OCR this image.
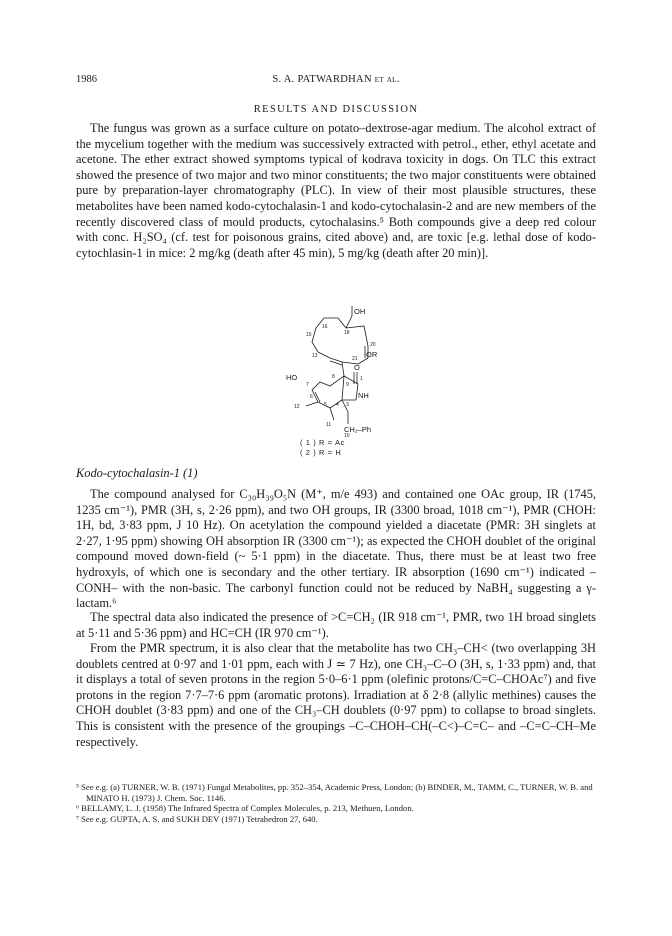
1986	S. A. PATWARDHAN et al.
RESULTS AND DISCUSSION

The fungus was grown as a surface culture on potato–dextrose-agar medium. The alcohol extract of the mycelium together with the medium was successively extracted with petrol., ether, ethyl acetate and acetone. The ether extract showed symptoms typical of kodrava toxicity in dogs. On TLC this extract showed the presence of two major and two minor constituents; the two major constituents were obtained pure by preparation-layer chromatography (PLC). In view of their most plausible structures, these metabolites have been named kodo-cytochalasin-1 and kodo-cytochalasin-2 and are new members of the recently discovered class of mould products, cytochalasins.⁵ Both compounds give a deep red colour with conc. H₂SO₄ (cf. test for poisonous grains, cited above) and, are toxic [e.g. lethal dose of kodo-cytochlasin-1 in mice: 2 mg/kg (death after 45 min), 5 mg/kg (death after 20 min)].

OH
15
16
18
20
13	21 OR
O
1
HO
7
8
9
NH
6
12	5 4 3
11 CH₂–Ph
10
( 1 ) R = Ac
( 2 ) R = H
Kodo-cytochalasin-1 (1)

The compound analysed for C₃₀H₃₉O₅N (M⁺, m/e 493) and contained one OAc group, IR (1745, 1235 cm⁻¹), PMR (3H, s, 2·26 ppm), and two OH groups, IR (3300 broad, 1018 cm⁻¹), PMR (CHOH: 1H, bd, 3·83 ppm, J 10 Hz). On acetylation the compound yielded a diacetate (PMR: 3H singlets at 2·27, 1·95 ppm) showing OH absorption IR (3300 cm⁻¹); as expected the CHOH doublet of the original compound moved down-field (~ 5·1 ppm) in the diacetate. Thus, there must be at least two free hydroxyls, of which one is secondary and the other tertiary. IR absorption (1690 cm⁻¹) indicated –CONH– with the non-basic. The carbonyl function could not be reduced by NaBH₄ suggesting a γ-lactam.⁶

The spectral data also indicated the presence of >C=CH₂ (IR 918 cm⁻¹, PMR, two 1H broad singlets at 5·11 and 5·36 ppm) and HC=CH (IR 970 cm⁻¹).

From the PMR spectrum, it is also clear that the metabolite has two CH₃–CH< (two overlapping 3H doublets centred at 0·97 and 1·01 ppm, each with J ≃ 7 Hz), one CH₃–C–O (3H, s, 1·33 ppm) and, that it displays a total of seven protons in the region 5·0–6·1 ppm (olefinic protons/C=C–CHOAc⁷) and five protons in the region 7·7–7·6 ppm (aromatic protons). Irradiation at δ 2·8 (allylic methines) causes the CHOH doublet (3·83 ppm) and one of the CH₃–CH doublets (0·97 ppm) to collapse to broad singlets. This is consistent with the presence of the groupings –C–CHOH–CH(–C<)–C=C– and –C=C–CH–Me respectively.

⁵ See e.g. (a) TURNER, W. B. (1971) Fungal Metabolites, pp. 352–354, Academic Press, London; (b) BINDER, M., TAMM, C., TURNER, W. B. and MINATO H. (1973) J. Chem. Soc. 1146.

⁶ BELLAMY, L. J. (1958) The Infrared Spectra of Complex Molecules, p. 213, Methuen, London.

⁷ See e.g. GUPTA, A. S. and SUKH DEV (1971) Tetrahedron 27, 640.
